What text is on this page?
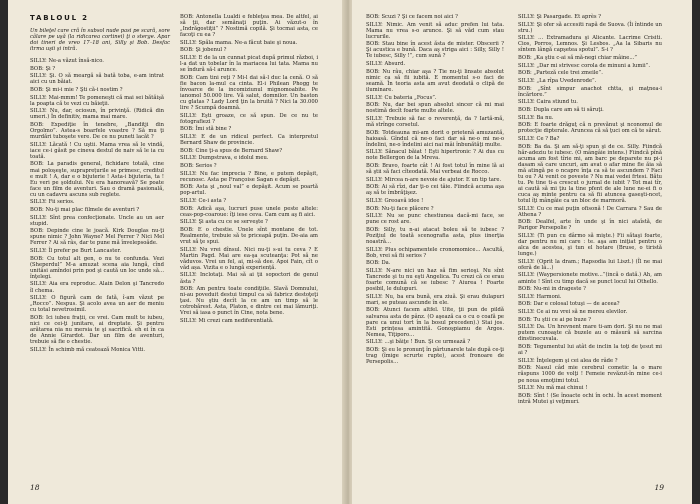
TABLOUL 2
Un bileţel care cră în subsol nude pasi pe scară, sore câlare pe uşă (la ridicarea cortinei) ţi o sterge. Apar doi tineri de vreo 17–18 ani, Silly şi Bob. Desfac itrma uşii şi intră.

SILLY: Ne-a văzut însă-nico.

BOB: Şi ?

SILLY: Şi. O să meargă să bată toba, e-am intrat aici cu un băiat.

BOB: Şi mi-i mie ? Şti că-i nostim ?

SILLY: Mai-mmm! Te pomeneşti că mai sei bătăişă la poapta că te vezi cu băieţii.

SILLY: Nu, dar, ociosun, în privinţă. (Ridică din umeri.) În definitiv, mama mai mare.

BOB: Expediţie în tenebre, „Banditji din Orgolmo”. Astea-s boarfele voastre ? Să mu ţi murdări tuboşete vere. De ce nu puneti lacăt ?

SILLY: Lăcată ! Cu uştii. Mama vrea să le vindă, iace ce-i găsit pe cineva destul de naiv să le ia cu toată.

BOB: La paradis general, fichidare totală, cine mai poloşeşte, supraprețurile se primesc, creditul e mult ! A, dar e o bijuterie ! Asta-i bijuteria, ta ! Eu veri pe şoldului. Nu era hanoreavă? Se poate face un film de aventuri. Sau o dramă pasională, cu un cadavru ascuns sub reglete.

SILLY: Fii serios.

BOB: Nu-ţi mai plac filmele de aventuri ?

SILLY: Sînt prea confecţionate. Uncle au un aer stupid.

BOB: Depinde cine le joacă. Kirk Douglas nu-ţi spune nimic ? John Wayne? Mel Ferrer ? Nici Mel Ferrer ? Ai să râs, dar te pune mă învelepsoăde.

SILLY: Îl prefer pe Burt Lancaster.

BOB: Cu totul alt gen, o nu te confunda. Vezi (Sheperdul” M-a amuzat scena aia lungă, cînd unitâsi amîndoi prin pod şi caută un loc unde să... înţelegi.

SILLY: Aia era reproduc. Alain Delon şi Tancredo îl chema.

SILLY: O figură cam de fată, î-am văzut pe „Rocco”. Nespus. Şi acolo avea un aer de meniu cu total nevetrosimil.

BOB: Ici iubeu frații, ce vrei. Cam mult te iubeu, nici ce cei-ţi junitare, ai dreptate. Şi pentru arătarea nia nu mersia te şi sacrifică. eh ei în ca de Annie Girardot. Dar un film de aventuri, trebuie să fie o chestie.

SILLY: În schimb mă ceatează Monica Vitti.

BOB: Antonella Lualdi e febleţea mea. De altfel, ai să ţii, dar semănaţi puţin. Ai văzut-o în „Indrăgostiţii” ? Nostimă copilă. Şi tocmai asta, ce facoţi cu ea ?

SILLY: Spăla mama. Ne-a făcut baie şi noua.

BOB: Şi jobenul ?

SILLY: E de la un cunnat picat după primul război, i l-a dat un tobelar în la mariacea lui tata. Mama nu se îndură să-l arunce.

BOB: Cam tini reţi ? Mi-l dai să-l duc la cenă. O să fie bacon la-mul ca cinta. El-i Philean Phogg te învoarce de la incomiziunul mignomoabite. Pe ianomol 50.000 lire. Vă salut, domnilor. Un baston cu glatas ? Lady Lord ţin la bruită ? Nici la 30.000 lire ? Scumpă doamnă.

SILLY: Eşti groaze, ce să spun. De ce nu te fotografiezi ?

BOB: Îmi stă bine ?

SILLY: E de un ridicul perfect. Ca interpretul Bernard Shaw de provincie.

BOB: Cine ţi-a spus de Bernard Shaw?

SILLY: Dumpstrava, e idolul meu.

BOB: Serios ?

SILLY: Nu fac imprecia ? Bine, e putem depăşit, recunosc. Asta pe Françoise Sagan e depăşit.

BOB: Asta şi „noul val” e depăşit. Acum se poartă pop-artul.

SILLY: Ce-i asta ?

BOB: Adică aşa, lucruri puse unele peste altele: ceas-pop-coaroue: îţi iese ceva. Cam cum aş fi aici.

SILLY: Şi asta cu ce se serveşte ?

BOB: E o chestie. Unele sînt montane de tot. Realmente, trebuie să te priceapă puţin. De-aia am vrut să ţe spui.

SILLY: Nu vrei dînsul. Nici nu-ţi s-ui tu ceva ? E Martin Pagd. Mai are ea-şa scuteanţa: Pot să ne văduvos. Vrei un fel, ai, mi-să dee. Apoi Fain, cît o văd așa. Vizita e o lungă experiență.

SILLY: Inclotaţi. Mai să ai ţii sopoctori de genul ăsta ?

BOB: Am pentru toate condiţiile. Slavă Domnului, ni-au poveduit destui timpul ca să fabricz destoţeţi ţasi. Nu ştiu decît la ce am un timp să le cotrobărest. Asta, Platon, e dintre cei mai lămuriţi. Vrei să iasa o punct în Cine, nota bene.

SILLY: Mi crezi cam nediferentiată.

18

BOB: Scuzi ? Şi ce facem noi aici ?

SILLY: Nimic. Am venit să aduc prefen lui tata. Mama nu vrea s-o arunce. Şi să văd cum stau lucrurile.

BOB: Stau bine în acest ăsta de mister. Obscerii ? Şi acustica e bună. Daca aş striga aici : Silly, Silly ! Te iubesc, Silly !”, cum sună ?

SILLY: Absurd.

BOB: Nu râu, chiar aşa ? Tie nu-ţi linsate absolut nimic ca să fii iubită. E momentul s-o faci de seamă. În teoria asta am avut deodată o clipă de iluminare.

SILLY: Cu bateria „Focus”.

BOB: Nu, dar bei spun absolut sincer că mi mai nostimă decît foarte multe altele.

SILLY: Trebuie să fac o reverență, da ? Iartă-mă, mă strînge corsetul.

BOB: Totdeauna mi-am dorit o prietenă amuzantă, haioasă. Gîndul că ne-o faci dar să ne-o mi ne-o îndelini, ne-o îndelini aici nai mâi înbunătăţi multe.

SILLY: Sănacul băiat ! Eşti hipertronic ? Ai dus cu note Bellergon de la Mreva.

BOB: Bravo, foarte cât ! Ai fost totul în mine lă ai să ştii să faci cîteodată. Mai verbeai de Rocco.

SILLY: Mircea n-are nevoie de ajutor. E un tip tare.

BOB: Ai să rîzi, dar ţi-o cei tâie. Fiindcă acuma aşa aş să te îmbrăţişez.

SILLY: Greoavă idee !

BOB: Nu-ţi face plăcere ?

SILLY: Nu se punc chestiunea dacă-mi face, se pune ce rost are.

BOB: Silly, tu n-ai atacat boleu să te iubesc ? Poziţiul de toată scenografia asta, plus iinerţia noastră...

SILLY: Plus ochipamentele cronomomice... Ascultă, Bob, vrei să fii serios ?

BOB: Da.

SILLY: N-are nici un haz să fim serioşi. Nu sînt Tancrede şi tu nu eşti Angelica. Tu crezi că ce erau foarte comună că se iubesc ? Aiurea ! Foarte posibil, le dulupuri.

SILLY: Nu, ba era bună, era ziuă. Şi erau dulapuri mari, se puteau ascunde în ele.

BOB: Atunci facem altfel. Uite, ţii pun de pildă salvarea asta de pânz. (O aşează ca o cu o coafă pe pare ca unui tort în la bosul preceden).) Stai jos. Esti prințesa amintită. Gonoşpiamu de Argos. Nemea, Tiţiporo...

SILLY: ...şi băiţe ! Bun. Şi ce urmează ?

BOB: Şi eu le pronunţ în pârtunarele tale după ce-ţi trag (îmige scrurte rupte), acest fronoare de Persepolis...

SILLY: Şi Pasargade. Et après ?

SILLY: Şi ofer să accesiti rapă de Suova. (Îi întinde un stru.)

SILLY: ... Extramadura şi Alicante. Lacrime Crisiti. Cios, Porros, Lemnos. Şi Lesbos. „Aa la Sibaris nu sîntem lângă capşetea spotul”. S-i ?

BOB: „Ka ştiu c-ai să mă-negi chiar mâine...”

SILLY: „Dar mi strivesc corola de minuni a lumii”.

BOB: „Parteză cele trei zmeile”.

SILLY: „La rîpa Uvedenrode”.

BOB: „Sînt simpur anachot chtta, şi maţnea-i încărtore.”

SILLY: Caira stiund tu.

BOB: Dupla care am să ti săruţi.

SILLY: Ba nu.

BOB: E foarte drăguţ că n prevănut şi nconomul de protecţie dipterale. Aruncea că să ţuci om că te sărut.

SILLY: Ce ? Ba?

BOB: Ba da. Şi am să-ţi spun şi de ce. Silly. Fiindcă hăr-adeziu te iubesc. (O mângâie intens.) Fiindcă pînă acuma am fost tîrie mi, am barc pe deparete nu pi-i dasam să care uncuri, am avat o afar mine fie ăia să mă atingă pe o ncapre înţa ca să te ascundem ? Faci tu ou ? Ai venit ce poveste ? Nu mai vedei frtesi. Bătu tu. Pe tine ti-a crescut o jurnal de iubit ? Tot mai tîr, ai caută să mi ţiu la tine pfent de ale lune ne-ei fi o cuca aş minte pentru ca să fii atuncea gaseşti-ncet, totul îţi mângâie ca un bloc de marmoră.

SILLY: Cu ce mai puţin ofisonă ! De Carrara ? Sau de Athena ?

BOB: Dealfel, arte în unde şi în nici ataîstă, de Parigor Persepolie ?

SILLY: (Ti pun cu dârmo să mişte.) Fii sătaşi foarte, dar pentru nu mi care : te. aşa am iniţiat pentru o alca de acestea, şi tun el hotare (Bruse, o tiristă lunge.)

SILLY: (Oprit la dram.; Rapsodia lui Liszt.) (Îl ne mai oferă de lâ...)

SILLY: (Waypersionete motive...”(incă o dată.) Ah, am aminte ! Sînt cu timp dacă se punct locul lui Othello.

BOB: Nu-mi in drageste ?

SILLY: Harmoni.

BOB: Dar e colosal totuşi — de aceea?

SILLY: Ce ai nu vrei să ne mereu elevilor.

BOB: Tu ştii ce ai pe buze ?

SILLY: Da. Un hrevnent mare ti-am dori. Şi nu ne mai putem cunoaşte că buzele au o măsură să sarcina dinstinecuvala.

BOB: Tegumentul lui atât de inclin la toţi de ţesut mi ai ?

SILLY: Înţelegem şi cei alea de râde ?

BOB: Nasul câd mie cerebrul cometic la o mare răspuns 1000 de volţi ! Femeie revăzut-în mine ce-i pe noua emoţiimi totul.

SILLY: Nu mă mai chinui !

BOB: Sînt ! (Se înoacte ochi în ochi. În acest moment intră Mutei şi veţimuri.

19
